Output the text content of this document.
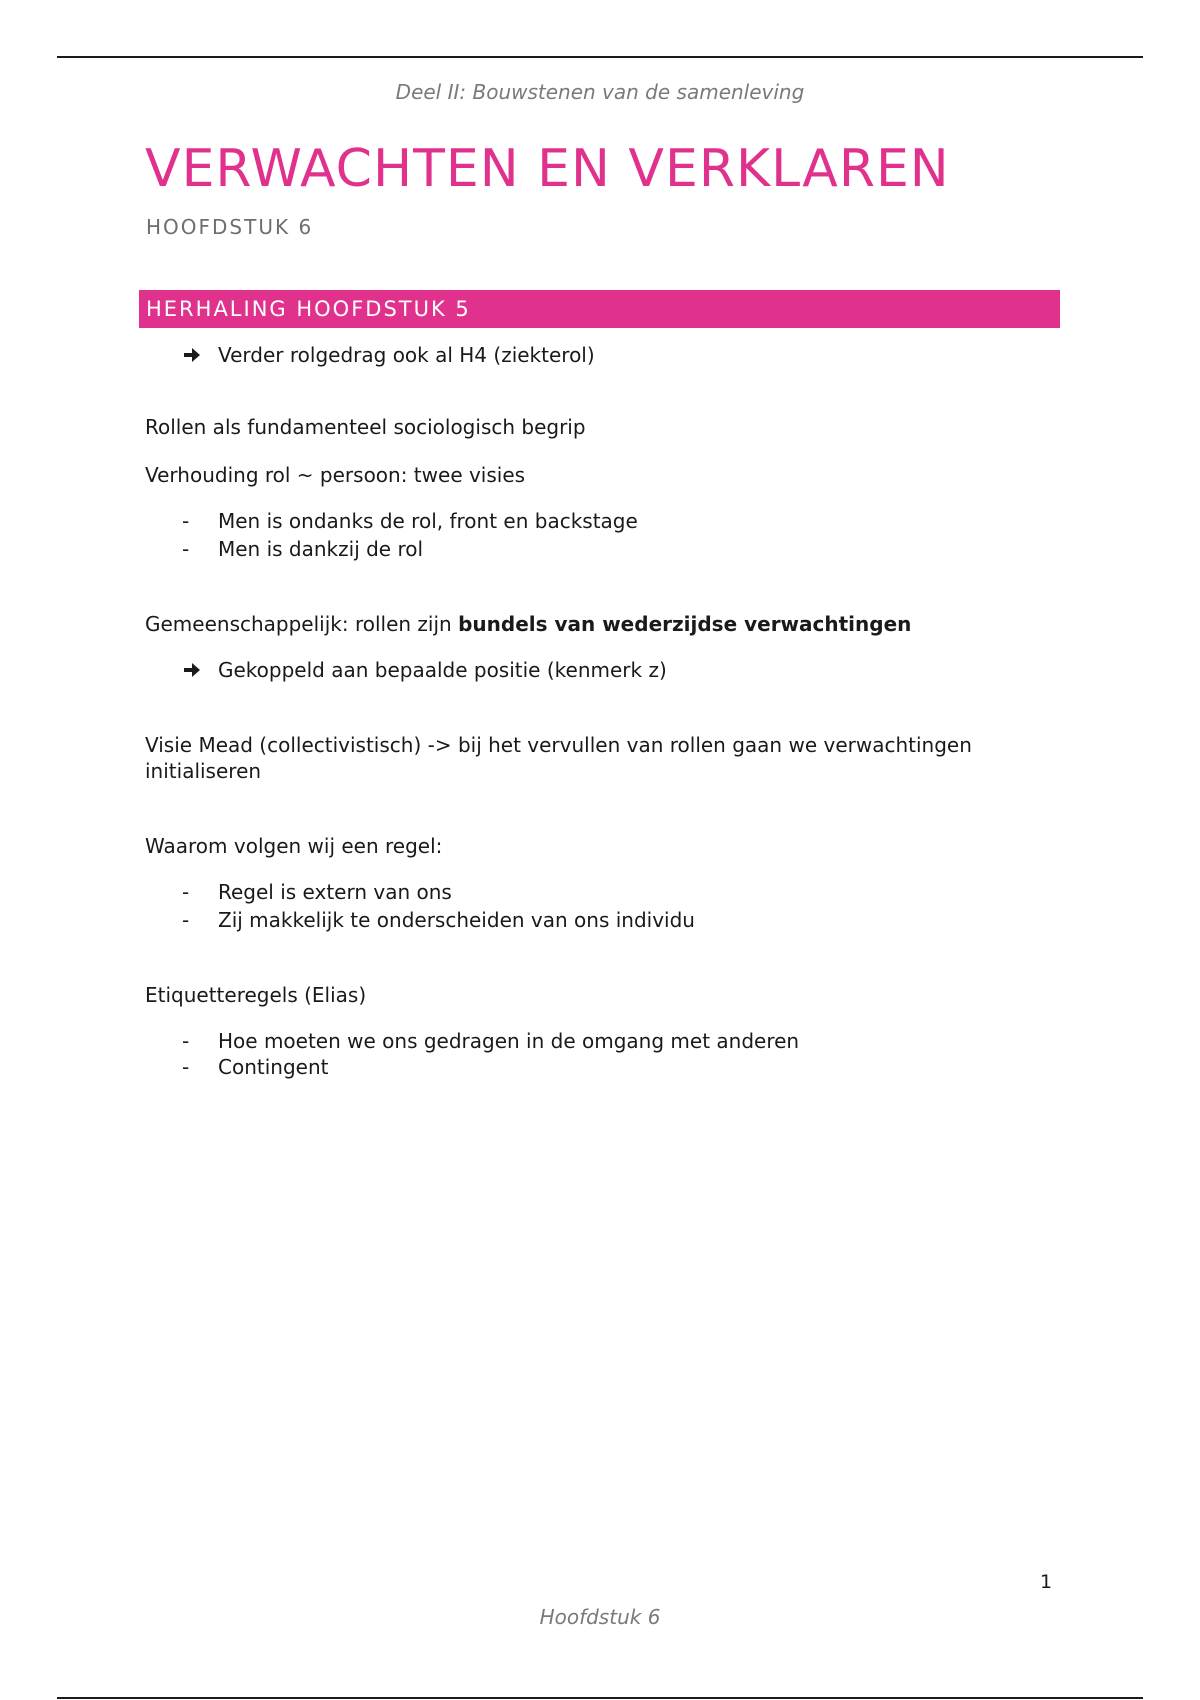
Deel II: Bouwstenen van de samenleving
VERWACHTEN EN VERKLAREN
HOOFDSTUK 6
HERHALING HOOFDSTUK 5
Verder rolgedrag ook al H4 (ziekterol)
Rollen als fundamenteel sociologisch begrip
Verhouding rol ~ persoon: twee visies
- Men is ondanks de rol, front en backstage
- Men is dankzij de rol
Gemeenschappelijk: rollen zijn bundels van wederzijdse verwachtingen
Gekoppeld aan bepaalde positie (kenmerk z)
Visie Mead (collectivistisch) -> bij het vervullen van rollen gaan we verwachtingen
initialiseren
Waarom volgen wij een regel:
- Regel is extern van ons
- Zij makkelijk te onderscheiden van ons individu
Etiquetteregels (Elias)
- Hoe moeten we ons gedragen in de omgang met anderen
- Contingent
1
Hoofdstuk 6
